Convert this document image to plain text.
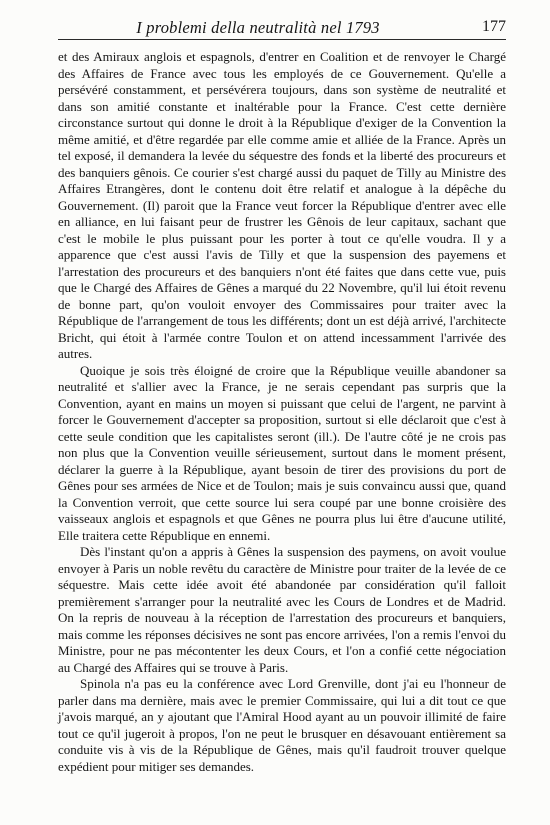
I problemi della neutralità nel 1793	177

et des Amiraux anglois et espagnols, d'entrer en Coalition et de renvoyer le Chargé des Affaires de France avec tous les employés de ce Gouvernement. Qu'elle a persévéré constamment, et persévérera toujours, dans son système de neutralité et dans son amitié constante et inaltérable pour la France. C'est cette dernière circonstance surtout qui donne le droit à la République d'exiger de la Convention la même amitié, et d'être regardée par elle comme amie et alliée de la France. Après un tel exposé, il demandera la levée du séquestre des fonds et la liberté des procureurs et des banquiers gênois. Ce courier s'est chargé aussi du paquet de Tilly au Ministre des Affaires Etrangères, dont le contenu doit être relatif et analogue à la dépêche du Gouvernement. (Il) paroit que la France veut forcer la République d'entrer avec elle en alliance, en lui faisant peur de frustrer les Gênois de leur capitaux, sachant que c'est le mobile le plus puissant pour les porter à tout ce qu'elle voudra. Il y a apparence que c'est aussi l'avis de Tilly et que la suspension des payemens et l'arrestation des procureurs et des banquiers n'ont été faites que dans cette vue, puis que le Chargé des Affaires de Gênes a marqué du 22 Novembre, qu'il lui étoit revenu de bonne part, qu'on vouloit envoyer des Commissaires pour traiter avec la République de l'arrangement de tous les différents; dont un est déjà arrivé, l'architecte Bricht, qui étoit à l'armée contre Toulon et on attend incessamment l'arrivée des autres.

Quoique je sois très éloigné de croire que la République veuille abandoner sa neutralité et s'allier avec la France, je ne serais cependant pas surpris que la Convention, ayant en mains un moyen si puissant que celui de l'argent, ne parvint à forcer le Gouvernement d'accepter sa proposition, surtout si elle déclaroit que c'est à cette seule condition que les capitalistes seront (ill.). De l'autre côté je ne crois pas non plus que la Convention veuille sérieusement, surtout dans le moment présent, déclarer la guerre à la République, ayant besoin de tirer des provisions du port de Gênes pour ses armées de Nice et de Toulon; mais je suis convaincu aussi que, quand la Convention verroit, que cette source lui sera coupé par une bonne croisière des vaisseaux anglois et espagnols et que Gênes ne pourra plus lui être d'aucune utilité, Elle traitera cette République en ennemi.

Dès l'instant qu'on a appris à Gênes la suspension des paymens, on avoit voulue envoyer à Paris un noble revêtu du caractère de Ministre pour traiter de la levée de ce séquestre. Mais cette idée avoit été abandonée par considération qu'il falloit premièrement s'arranger pour la neutralité avec les Cours de Londres et de Madrid. On la repris de nouveau à la réception de l'arrestation des procureurs et banquiers, mais comme les réponses décisives ne sont pas encore arrivées, l'on a remis l'envoi du Ministre, pour ne pas mécontenter les deux Cours, et l'on a confié cette négociation au Chargé des Affaires qui se trouve à Paris.

Spinola n'a pas eu la conférence avec Lord Grenville, dont j'ai eu l'honneur de parler dans ma dernière, mais avec le premier Commissaire, qui lui a dit tout ce que j'avois marqué, an y ajoutant que l'Amiral Hood ayant au un pouvoir illimité de faire tout ce qu'il jugeroit à propos, l'on ne peut le brusquer en désavouant entièrement sa conduite vis à vis de la République de Gênes, mais qu'il faudroit trouver quelque expédient pour mitiger ses demandes.
